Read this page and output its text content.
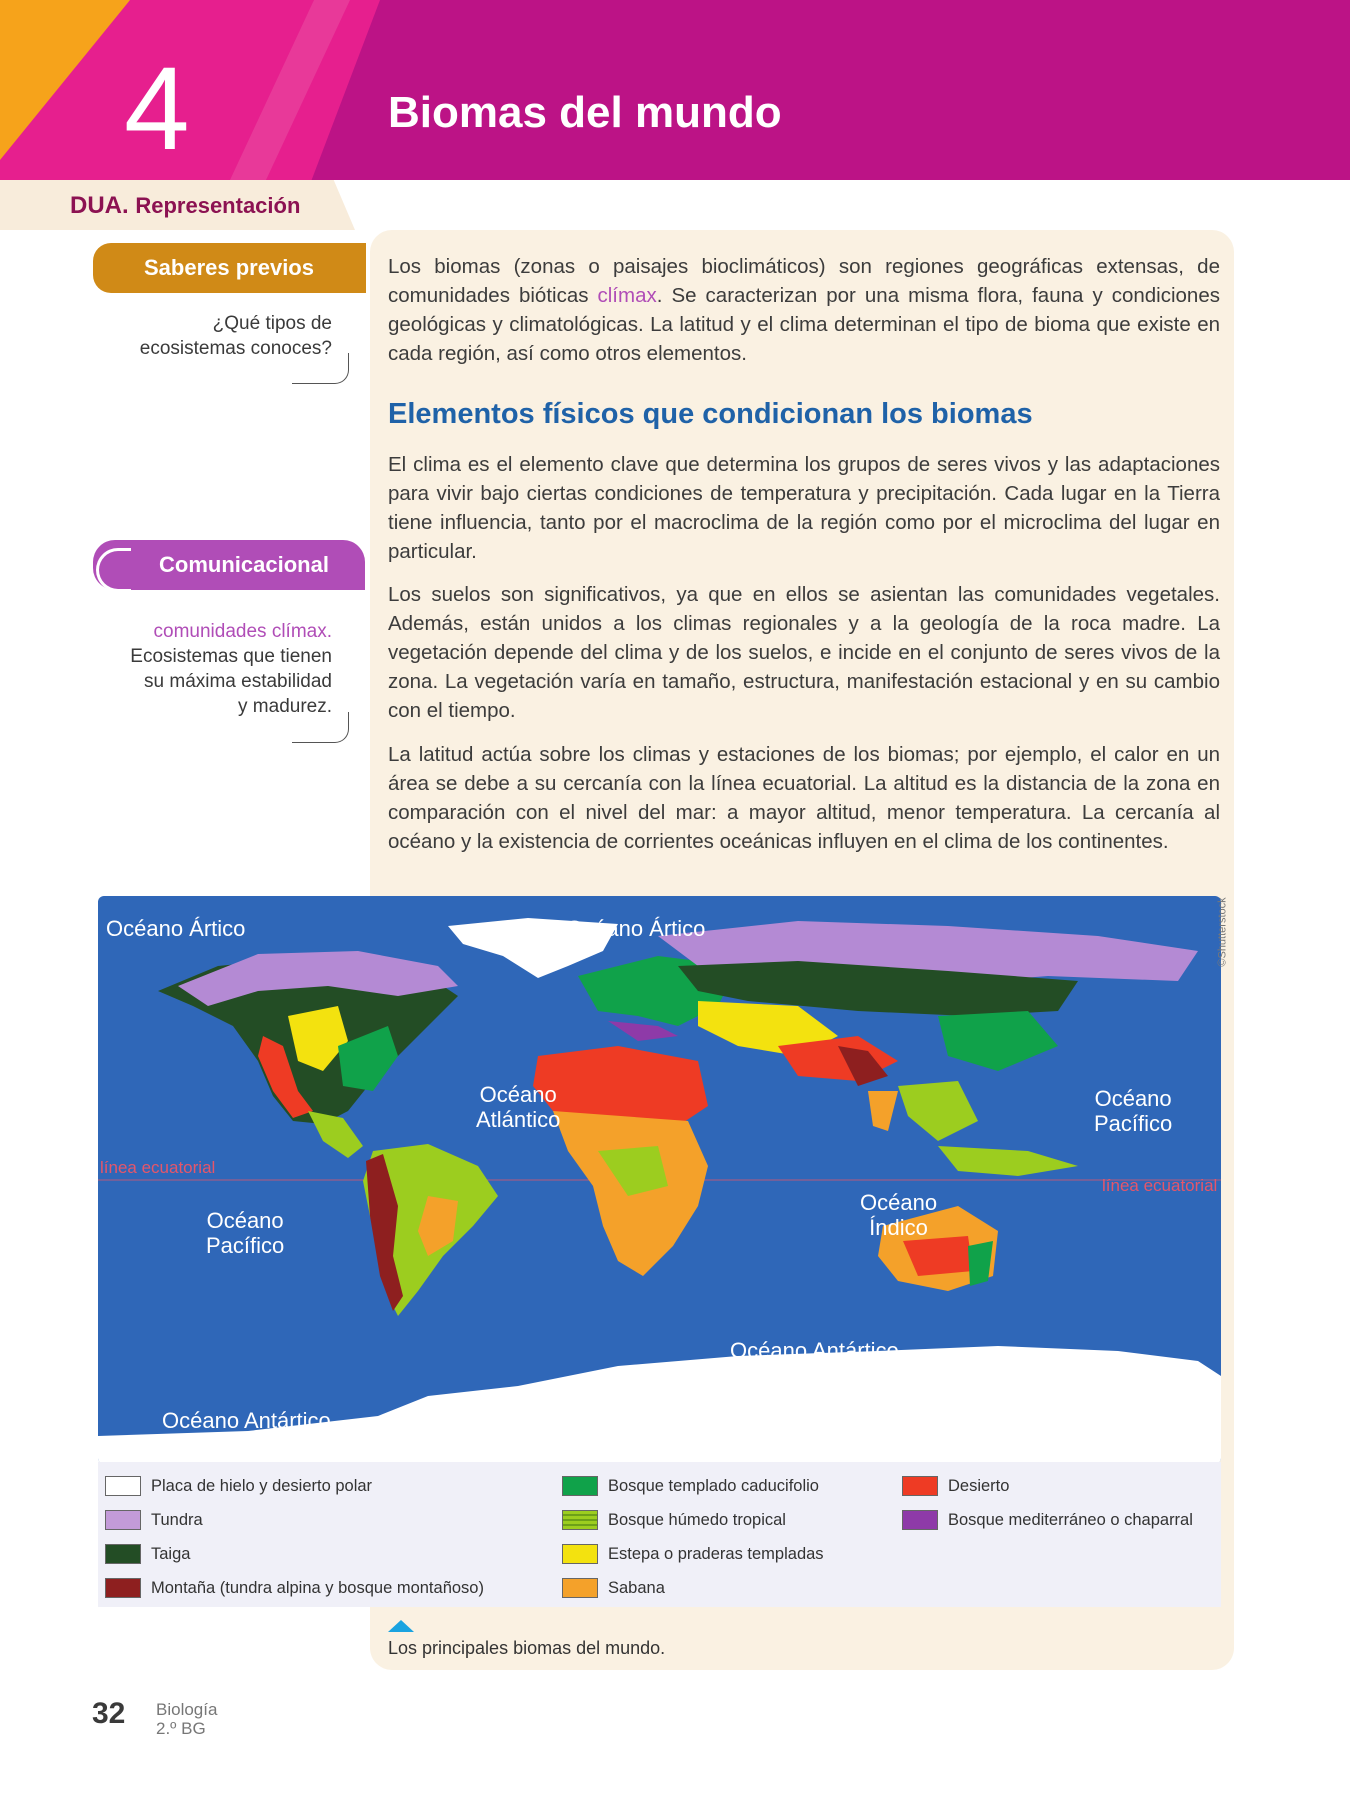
4	Biomas del mundo
DUA. Representación
Saberes previos
¿Qué tipos de
ecosistemas conoces?
Comunicacional
comunidades clímax.
Ecosistemas que tienen
su máxima estabilidad
y madurez.

Los biomas (zonas o paisajes bioclimáticos) son regiones geográficas extensas, de comunidades bióticas clímax. Se caracterizan por una misma flora, fauna y condiciones geológicas y climatológicas. La latitud y el clima determinan el tipo de bioma que existe en cada región, así como otros elementos.

Elementos físicos que condicionan los biomas

El clima es el elemento clave que determina los grupos de seres vivos y las adaptaciones para vivir bajo ciertas condiciones de temperatura y precipitación. Cada lugar en la Tierra tiene influencia, tanto por el macroclima de la región como por el microclima del lugar en particular.

Los suelos son significativos, ya que en ellos se asientan las comunidades vegetales. Además, están unidos a los climas regionales y a la geología de la roca madre. La vegetación depende del clima y de los suelos, e incide en el conjunto de seres vivos de la zona. La vegetación varía en tamaño, estructura, manifestación estacional y en su cambio con el tiempo.

La latitud actúa sobre los climas y estaciones de los biomas; por ejemplo, el calor en un área se debe a su cercanía con la línea ecuatorial. La altitud es la distancia de la zona en comparación con el nivel del mar: a mayor altitud, menor temperatura. La cercanía al océano y la existencia de corrientes oceánicas influyen en el clima de los continentes.

Océano Ártico	Océano Ártico
Océano
Atlántico
Océano
Pacífico
Océano
Pacífico
Océano
Índico
Océano Antártico
Océano Antártico
línea ecuatorial
línea ecuatorial
©Shutterstock
Placa de hielo y desierto polar
Tundra
Taiga
Montaña (tundra alpina y bosque montañoso)
Bosque templado caducifolio
Bosque húmedo tropical
Estepa o praderas templadas
Sabana
Desierto
Bosque mediterráneo o chaparral
Los principales biomas del mundo.
32 Biología
2.º BG
